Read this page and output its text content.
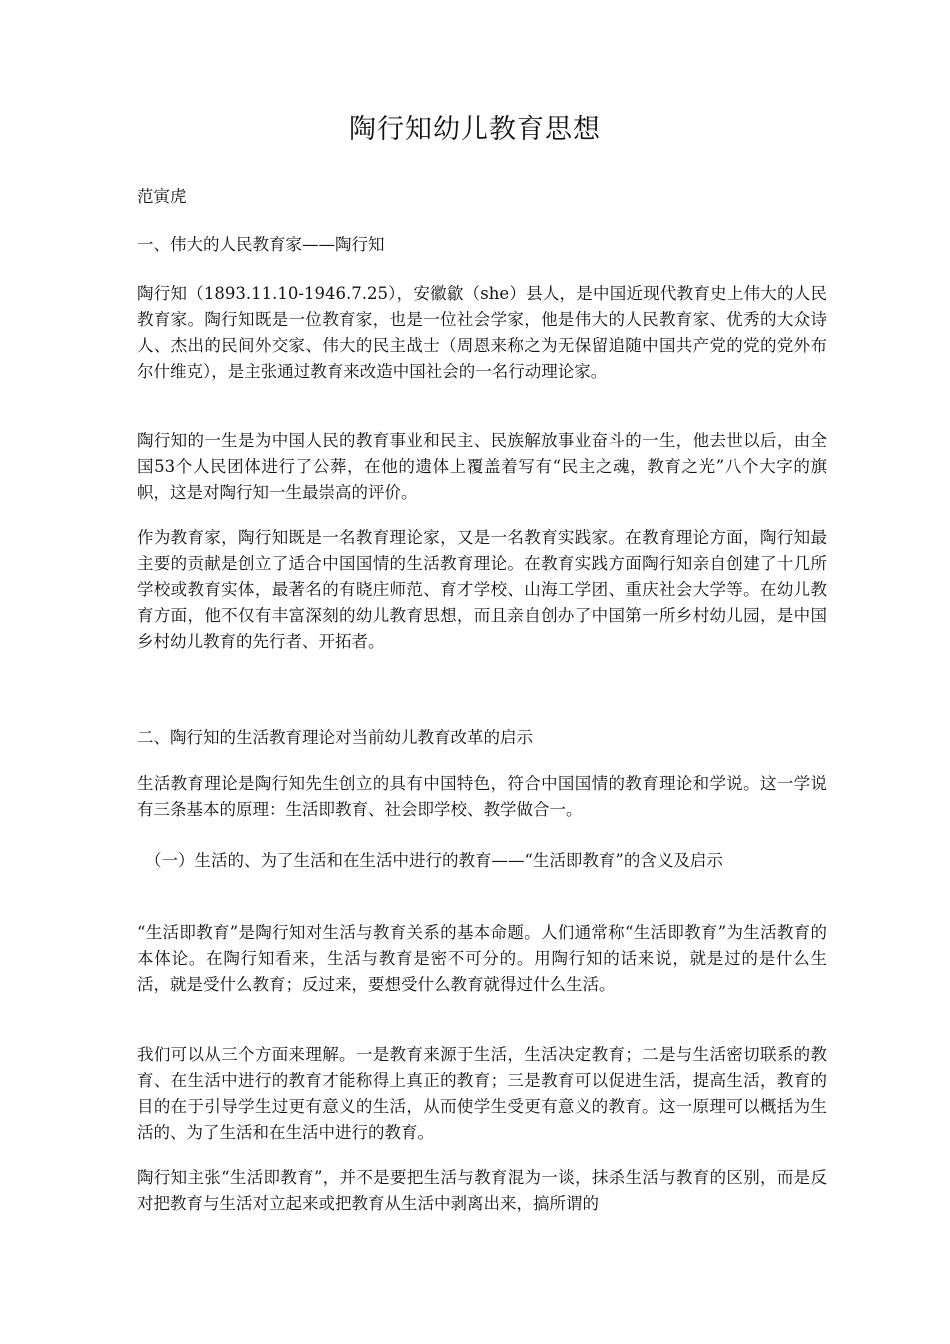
陶行知幼儿教育思想

范寅虎

一、伟大的人民教育家——陶行知

陶行知（1893.11.10-1946.7.25），安徽歙（she）县人，是中国近现代教育史上伟大的人民教育家。陶行知既是一位教育家，也是一位社会学家，他是伟大的人民教育家、优秀的大众诗人、杰出的民间外交家、伟大的民主战士（周恩来称之为无保留追随中国共产党的党的党外布尔什维克），是主张通过教育来改造中国社会的一名行动理论家。

陶行知的一生是为中国人民的教育事业和民主、民族解放事业奋斗的一生，他去世以后，由全国53个人民团体进行了公葬，在他的遗体上覆盖着写有“民主之魂，教育之光”八个大字的旗帜，这是对陶行知一生最崇高的评价。

作为教育家，陶行知既是一名教育理论家，又是一名教育实践家。在教育理论方面，陶行知最主要的贡献是创立了适合中国国情的生活教育理论。在教育实践方面陶行知亲自创建了十几所学校或教育实体，最著名的有晓庄师范、育才学校、山海工学团、重庆社会大学等。在幼儿教育方面，他不仅有丰富深刻的幼儿教育思想，而且亲自创办了中国第一所乡村幼儿园，是中国乡村幼儿教育的先行者、开拓者。

二、陶行知的生活教育理论对当前幼儿教育改革的启示

生活教育理论是陶行知先生创立的具有中国特色，符合中国国情的教育理论和学说。这一学说有三条基本的原理：生活即教育、社会即学校、教学做合一。

（一）生活的、为了生活和在生活中进行的教育——“生活即教育”的含义及启示

“生活即教育”是陶行知对生活与教育关系的基本命题。人们通常称“生活即教育”为生活教育的本体论。在陶行知看来，生活与教育是密不可分的。用陶行知的话来说，就是过的是什么生活，就是受什么教育；反过来，要想受什么教育就得过什么生活。

我们可以从三个方面来理解。一是教育来源于生活，生活决定教育；二是与生活密切联系的教育、在生活中进行的教育才能称得上真正的教育；三是教育可以促进生活，提高生活，教育的目的在于引导学生过更有意义的生活，从而使学生受更有意义的教育。这一原理可以概括为生活的、为了生活和在生活中进行的教育。

陶行知主张“生活即教育”，并不是要把生活与教育混为一谈，抹杀生活与教育的区别，而是反对把教育与生活对立起来或把教育从生活中剥离出来，搞所谓的
